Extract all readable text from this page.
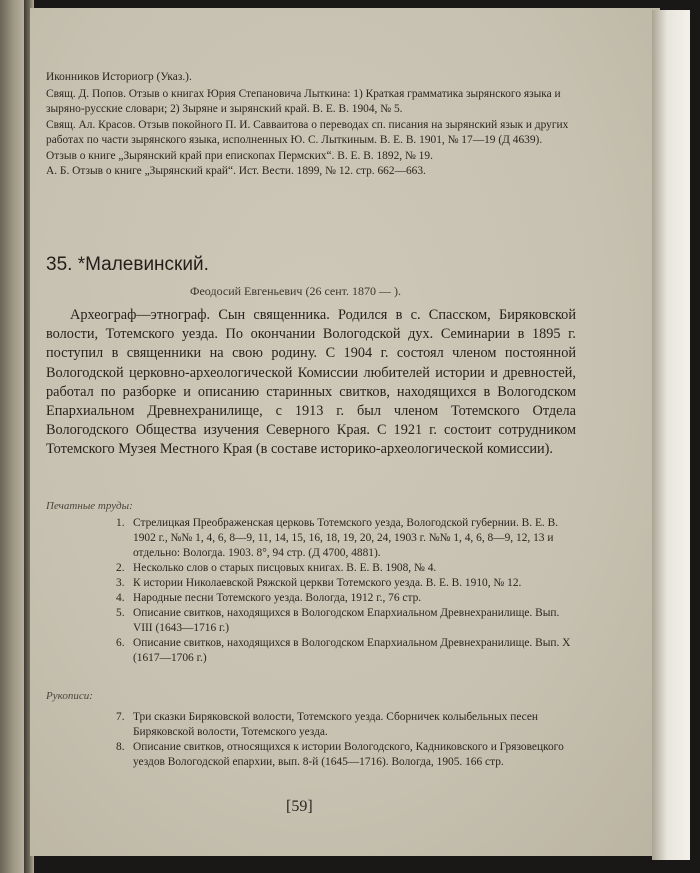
Иконников Историогр (Указ.).

Свящ. Д. Попов. Отзыв о книгах Юрия Степановича Лыткина: 1) Краткая грамматика зырянского языка и зыряно-русские словари; 2) Зыряне и зырянский край. В. Е. В. 1904, № 5.

Свящ. Ал. Красов. Отзыв покойного П. И. Савваитова о переводах сп. писания на зырянский язык и других работах по части зырянского языка, исполненных Ю. С. Лыткиным. В. Е. В. 1901, № 17—19 (Д 4639).

Отзыв о книге „Зырянский край при епископах Пермских“. В. Е. В. 1892, № 19.

А. Б. Отзыв о книге „Зырянский край“. Ист. Вести. 1899, № 12. стр. 662—663.

35. *Малевинский.
Феодосий Евгеньевич (26 сент. 1870 — ).
Археограф—этнограф. Сын священника. Родился в с. Спасском, Биряковской волости, Тотемского уезда. По окончании Вологодской дух. Семинарии в 1895 г. поступил в священники на свою родину. С 1904 г. состоял членом постоянной Вологодской церковно-археологической Комиссии любителей истории и древностей, работал по разборке и описанию старинных свитков, находящихся в Вологодском Епархиальном Древнехранилище, с 1913 г. был членом Тотемского Отдела Вологодского Общества изучения Северного Края. С 1921 г. состоит сотрудником Тотемского Музея Местного Края (в составе историко-археологической комиссии).
Печатные труды:
1. Стрелицкая Преображенская церковь Тотемского уезда, Вологодской губернии. В. Е. В. 1902 г., №№ 1, 4, 6, 8—9, 11, 14, 15, 16, 18, 19, 20, 24, 1903 г. №№ 1, 4, 6, 8—9, 12, 13 и отдельно: Вологда. 1903. 8°, 94 стр. (Д 4700, 4881).
2. Несколько слов о старых писцовых книгах. В. Е. В. 1908, № 4.
3. К истории Николаевской Ряжской церкви Тотемского уезда. В. Е. В. 1910, № 12.
4. Народные песни Тотемского уезда. Вологда, 1912 г., 76 стр.
5. Описание свитков, находящихся в Вологодском Епархиальном Древнехранилище. Вып. VIII (1643—1716 г.)
6. Описание свитков, находящихся в Вологодском Епархиальном Древнехранилище. Вып. X (1617—1706 г.)
Рукописи:
7. Три сказки Биряковской волости, Тотемского уезда. Сборничек колыбельных песен Биряковской волости, Тотемского уезда.
8. Описание свитков, относящихся к истории Вологодского, Кадниковского и Грязовецкого уездов Вологодской епархии, вып. 8-й (1645—1716). Вологда, 1905. 166 стр.
[59]
